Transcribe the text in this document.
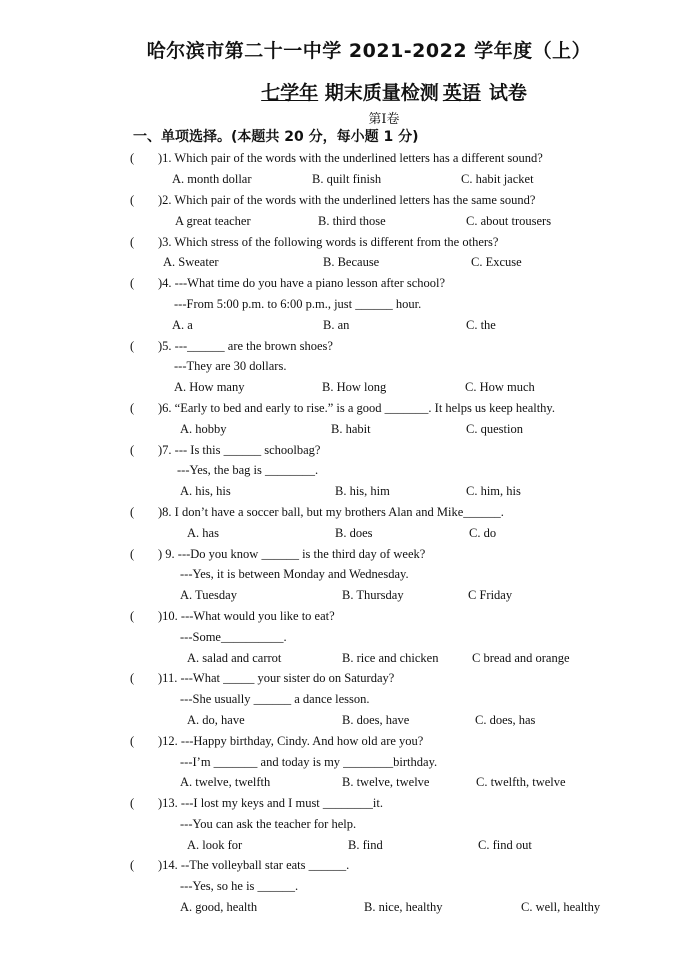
哈尔滨市第二十一中学 2021-2022 学年度（上）
七学年 期末质量检测 英语 试卷
第Ⅰ卷
一、单项选择。(本题共 20 分，每小题 1 分)
( )1. Which pair of the words with the underlined letters has a different sound?
A. month dollar	B. quilt finish	C. habit jacket
( )2. Which pair of the words with the underlined letters has the same sound?
A great teacher	B. third those	C. about trousers
( )3. Which stress of the following words is different from the others?
A. Sweater	B. Because	C. Excuse
( )4. ---What time do you have a piano lesson after school?
---From 5:00 p.m. to 6:00 p.m., just ______ hour.
A. a	B. an	C. the
( )5. ---______ are the brown shoes?
---They are 30 dollars.
A. How many	B. How long	C. How much
( )6. “Early to bed and early to rise.” is a good _______. It helps us keep healthy.
A. hobby	B. habit	C. question
( )7. --- Is this ______ schoolbag?
---Yes, the bag is ________.
A. his, his	B. his, him	C. him, his
( )8. I don’t have a soccer ball, but my brothers Alan and Mike______.
A. has	B. does	C. do
( ) 9. ---Do you know ______ is the third day of week?
---Yes, it is between Monday and Wednesday.
A. Tuesday	B. Thursday	C Friday
( )10. ---What would you like to eat?
---Some__________.
A. salad and carrot	B. rice and chicken	C bread and orange
( )11. ---What _____ your sister do on Saturday?
---She usually ______ a dance lesson.
A. do, have	B. does, have	C. does, has
( )12. ---Happy birthday, Cindy. And how old are you?
---I’m _______ and today is my ________birthday.
A. twelve, twelfth	B. twelve, twelve	C. twelfth, twelve
( )13. ---I lost my keys and I must ________it.
---You can ask the teacher for help.
A. look for	B. find	C. find out
( )14. --The volleyball star eats ______.
---Yes, so he is ______.
A. good, health	B. nice, healthy	C. well, healthy
